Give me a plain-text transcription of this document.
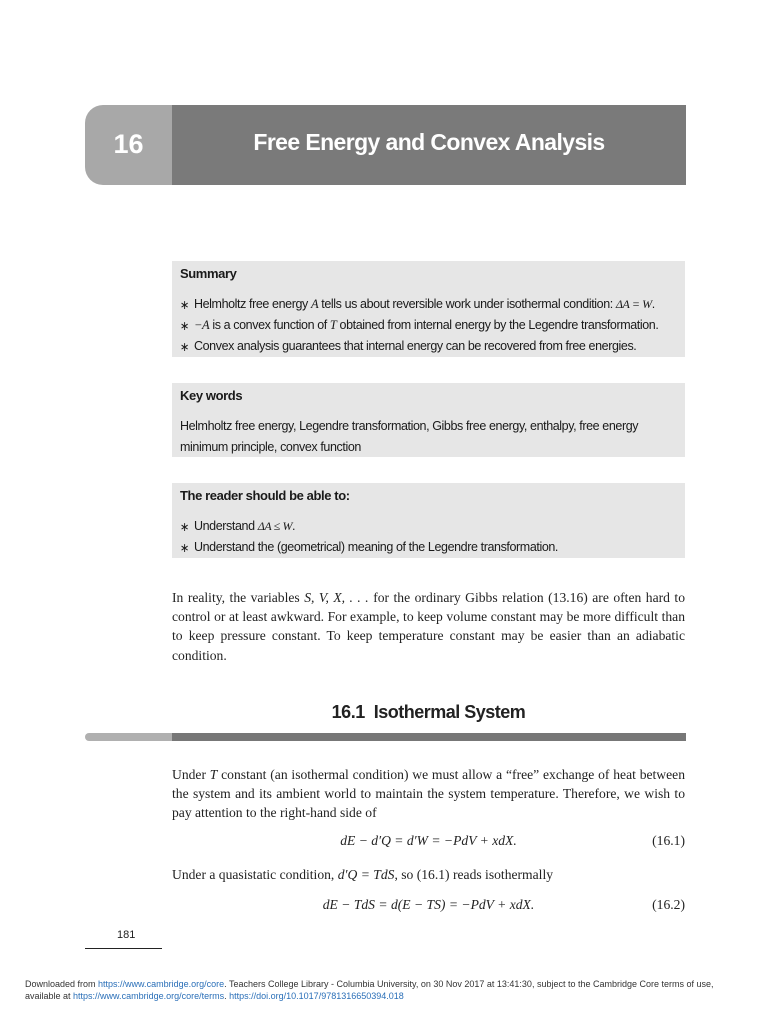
16	Free Energy and Convex Analysis
Summary
∗ Helmholtz free energy A tells us about reversible work under isothermal condition: ΔA = W.
∗ −A is a convex function of T obtained from internal energy by the Legendre transformation.
∗ Convex analysis guarantees that internal energy can be recovered from free energies.
Key words

Helmholtz free energy, Legendre transformation, Gibbs free energy, enthalpy, free energy minimum principle, convex function

The reader should be able to:
∗ Understand ΔA ≤ W.
∗ Understand the (geometrical) meaning of the Legendre transformation.

In reality, the variables S, V, X, . . . for the ordinary Gibbs relation (13.16) are often hard to control or at least awkward. For example, to keep volume constant may be more difficult than to keep pressure constant. To keep temperature constant may be easier than an adiabatic condition.

16.1 Isothermal System

Under T constant (an isothermal condition) we must allow a “free” exchange of heat between the system and its ambient world to maintain the system temperature. Therefore, we wish to pay attention to the right-hand side of

dE − d′Q = d′W = −PdV + xdX.	(16.1)

Under a quasistatic condition, d′Q = TdS, so (16.1) reads isothermally

dE − TdS = d(E − TS) = −PdV + xdX.	(16.2)
181
Downloaded from https://www.cambridge.org/core. Teachers College Library - Columbia University, on 30 Nov 2017 at 13:41:30, subject to the Cambridge Core terms of use, available at https://www.cambridge.org/core/terms. https://doi.org/10.1017/9781316650394.018
